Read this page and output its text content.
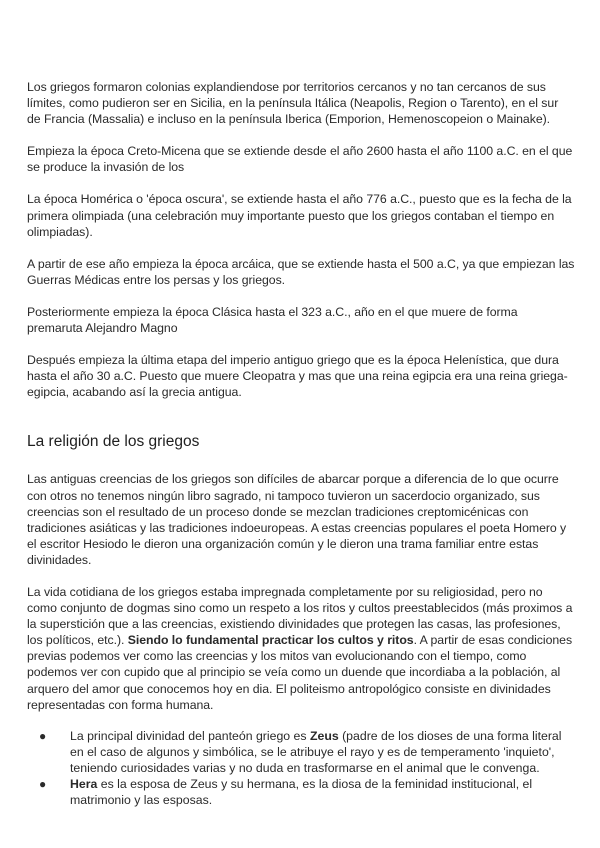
Los griegos formaron colonias explandiendose por territorios cercanos y no tan cercanos de sus límites, como pudieron ser en Sicilia, en la península Itálica (Neapolis, Region o Tarento), en el sur de Francia (Massalia) e incluso en la península Iberica (Emporion, Hemenoscopeion o Mainake).

Empieza la época Creto-Micena que se extiende desde el año 2600 hasta el año 1100 a.C. en el que se produce la invasión de los

La época Homérica o 'época oscura', se extiende hasta el año 776 a.C., puesto que es la fecha de la primera olimpiada (una celebración muy importante puesto que los griegos contaban el tiempo en olimpiadas).

A partir de ese año empieza la época arcáica, que se extiende hasta el 500 a.C, ya que empiezan las Guerras Médicas entre los persas y los griegos.

Posteriormente empieza la época Clásica hasta el 323 a.C., año en el que muere de forma premaruta Alejandro Magno

Después empieza la última etapa del imperio antiguo griego que es la época Helenística, que dura hasta el año 30 a.C. Puesto que muere Cleopatra y mas que una reina egipcia era una reina griega-egipcia, acabando así la grecia antigua.

La religión de los griegos

Las antiguas creencias de los griegos son difíciles de abarcar porque a diferencia de lo que ocurre con otros no tenemos ningún libro sagrado, ni tampoco tuvieron un sacerdocio organizado, sus creencias son el resultado de un proceso donde se mezclan tradiciones creptomicénicas con tradiciones asiáticas y las tradiciones indoeuropeas. A estas creencias populares el poeta Homero y el escritor Hesiodo le dieron una organización común y le dieron una trama familiar entre estas divinidades.

La vida cotidiana de los griegos estaba impregnada completamente por su religiosidad, pero no como conjunto de dogmas sino como un respeto a los ritos y cultos preestablecidos (más proximos a la superstición que a las creencias, existiendo divinidades que protegen las casas, las profesiones, los políticos, etc.). Siendo lo fundamental practicar los cultos y ritos. A partir de esas condiciones previas podemos ver como las creencias y los mitos van evolucionando con el tiempo, como podemos ver con cupido que al principio se veía como un duende que incordiaba a la población, al arquero del amor que conocemos hoy en dia. El politeismo antropológico consiste en divinidades representadas con forma humana.

● La principal divinidad del panteón griego es Zeus (padre de los dioses de una forma literal en el caso de algunos y simbólica, se le atribuye el rayo y es de temperamento 'inquieto', teniendo curiosidades varias y no duda en trasformarse en el animal que le convenga.
● Hera es la esposa de Zeus y su hermana, es la diosa de la feminidad institucional, el matrimonio y las esposas.
